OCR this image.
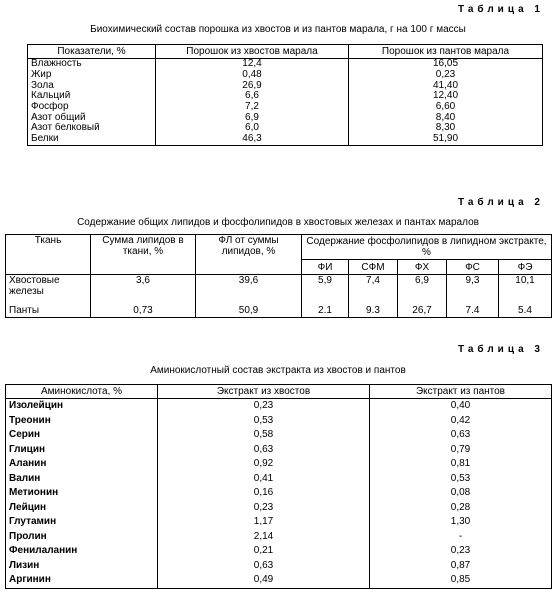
Таблица 1
Биохимический состав порошка из хвостов и из пантов марала, г на 100 г массы
Показатели, %	Порошок из хвостов марала	Порошок из пантов марала
Влажность	12,4	16,05
Жир	0,48	0,23
Зола	26,9	41,40
Кальций	6,6	12,40
Фосфор	7,2	6,60
Азот общий	6,9	8,40
Азот белковый	6,0	8,30
Белки	46,3	51,90
Таблица 2
Содержание общих липидов и фосфолипидов в хвостовых железах и пантах маралов
Ткань	Сумма липидов в ткани, %	ФЛ от суммы липидов, %	Содержание фосфолипидов в липидном экстракте, %				
			ФИ	СФМ	ФХ	ФС	ФЭ
Хвостовые железы	3,6	39,6	5,9	7,4	6,9	9,3	10,1
Панты	0,73	50,9	2.1	9.3	26,7	7.4	5.4
Таблица 3
Аминокислотный состав экстракта из хвостов и пантов
Аминокислота, %	Экстракт из хвостов	Экстракт из пантов
Изолейцин	0,23	0,40
Треонин	0,53	0,42
Серин	0,58	0,63
Глицин	0,63	0,79
Аланин	0,92	0,81
Валин	0,41	0,53
Метионин	0,16	0,08
Лейцин	0,23	0,28
Глутамин	1,17	1,30
Пролин	2,14	-
Фенилаланин	0,21	0,23
Лизин	0,63	0,87
Аргинин	0,49	0,85
